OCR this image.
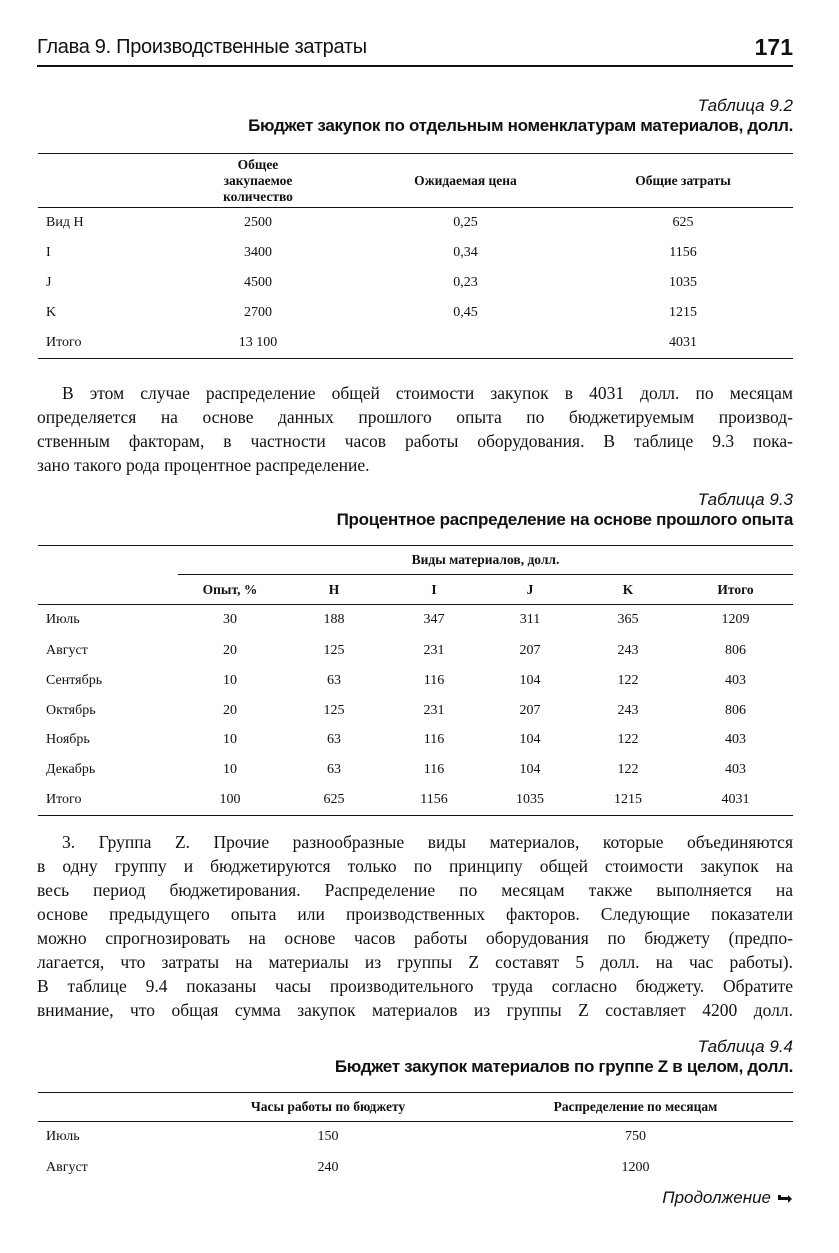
Глава 9. Производственные затраты	171
Таблица 9.2
Бюджет закупок по отдельным номенклатурам материалов, долл.
	Общее закупаемое количество	Ожидаемая цена	Общие затраты
Вид H	2500	0,25	625
I	3400	0,34	1156
J	4500	0,23	1035
K	2700	0,45	1215
Итого	13 100		4031
В этом случае распределение общей стоимости закупок в 4031 долл. по месяцам
определяется на основе данных прошлого опыта по бюджетируемым производ-
ственным факторам, в частности часов работы оборудования. В таблице 9.3 пока-
зано такого рода процентное распределение.
Таблица 9.3
Процентное распределение на основе прошлого опыта
	Виды материалов, долл.					
	Опыт, %	H	I	J	K	Итого
Июль	30	188	347	311	365	1209
Август	20	125	231	207	243	806
Сентябрь	10	63	116	104	122	403
Октябрь	20	125	231	207	243	806
Ноябрь	10	63	116	104	122	403
Декабрь	10	63	116	104	122	403
Итого	100	625	1156	1035	1215	4031
3. Группа Z. Прочие разнообразные виды материалов, которые объединяются
в одну группу и бюджетируются только по принципу общей стоимости закупок на
весь период бюджетирования. Распределение по месяцам также выполняется на
основе предыдущего опыта или производственных факторов. Следующие показатели
можно спрогнозировать на основе часов работы оборудования по бюджету (предпо-
лагается, что затраты на материалы из группы Z составят 5 долл. на час работы).
В таблице 9.4 показаны часы производительного труда согласно бюджету. Обратите
внимание, что общая сумма закупок материалов из группы Z составляет 4200 долл.
Таблица 9.4
Бюджет закупок материалов по группе Z в целом, долл.
	Часы работы по бюджету	Распределение по месяцам
Июль	150	750
Август	240	1200
Продолжение
